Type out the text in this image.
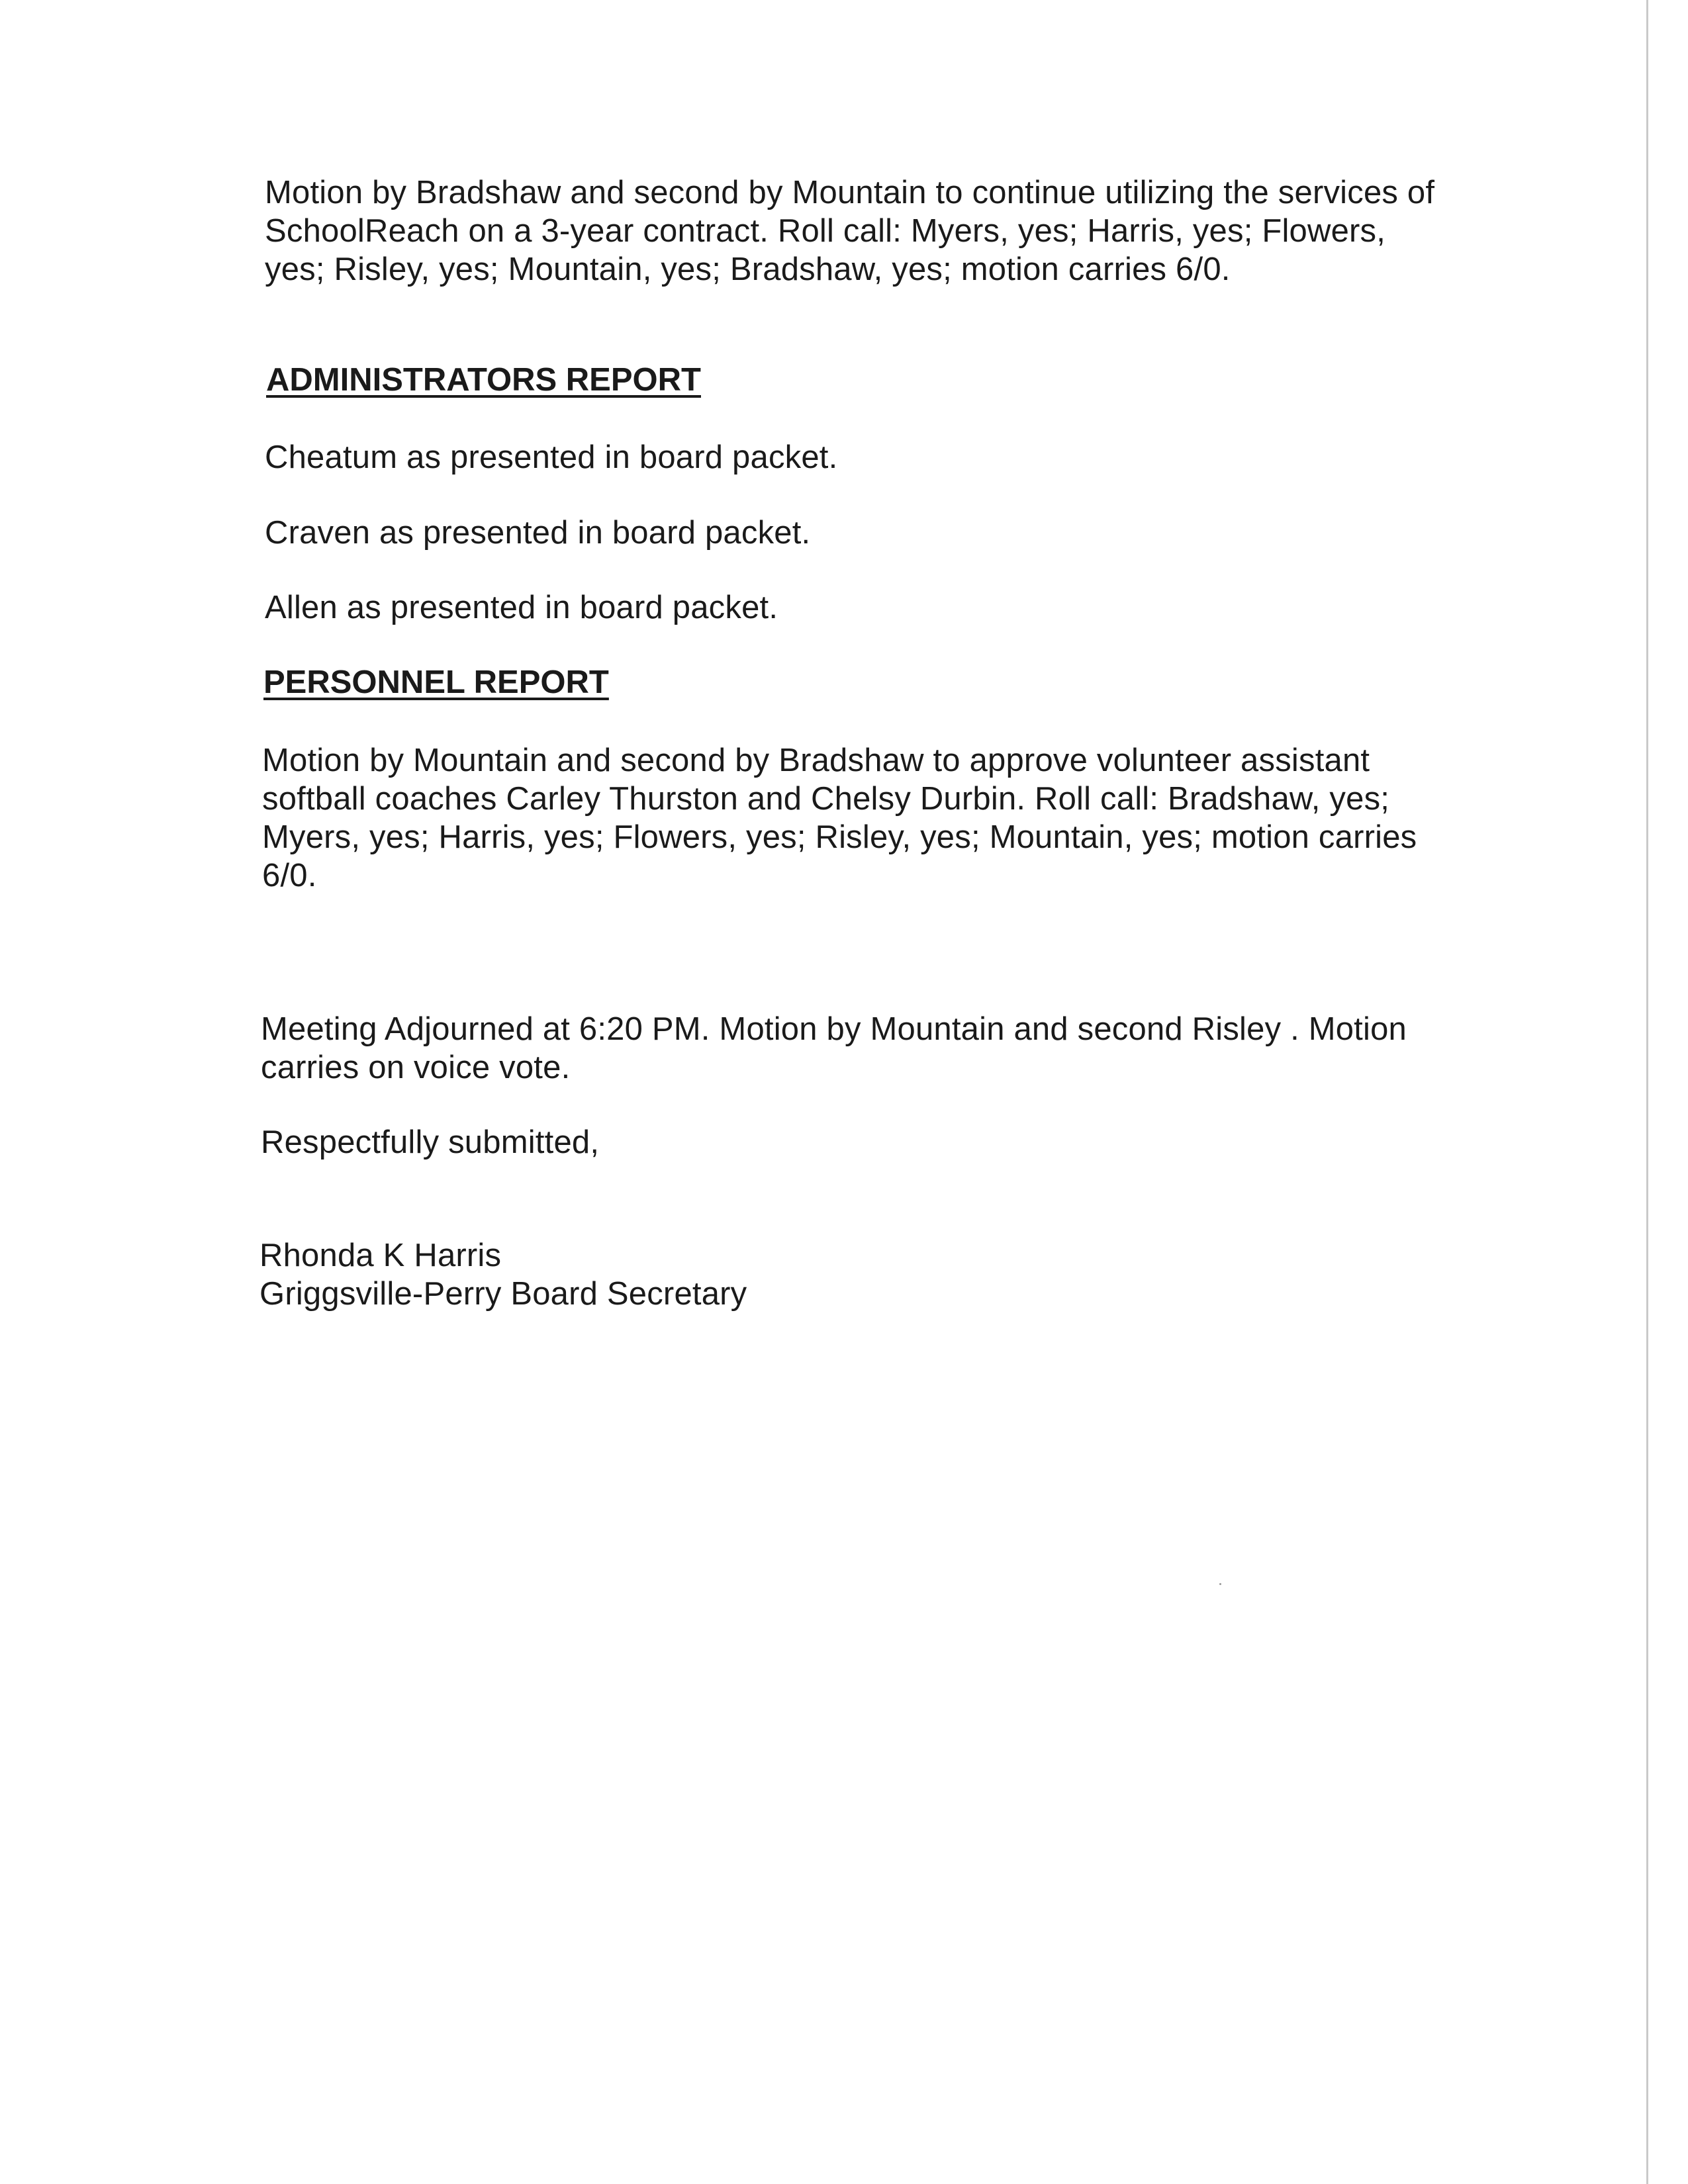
Motion by Bradshaw and second by Mountain to continue utilizing the services of
SchoolReach on a 3-year contract. Roll call: Myers, yes; Harris, yes; Flowers,
yes; Risley, yes; Mountain, yes; Bradshaw, yes; motion carries 6/0.

ADMINISTRATORS REPORT

Cheatum as presented in board packet.

Craven as presented in board packet.

Allen as presented in board packet.

PERSONNEL REPORT

Motion by Mountain and second by Bradshaw to approve volunteer assistant
softball coaches Carley Thurston and Chelsy Durbin. Roll call: Bradshaw, yes;
Myers, yes; Harris, yes; Flowers, yes; Risley, yes; Mountain, yes; motion carries
6/0.

Meeting Adjourned at 6:20 PM. Motion by Mountain and second Risley . Motion
carries on voice vote.

Respectfully submitted,

Rhonda K Harris
Griggsville-Perry Board Secretary
